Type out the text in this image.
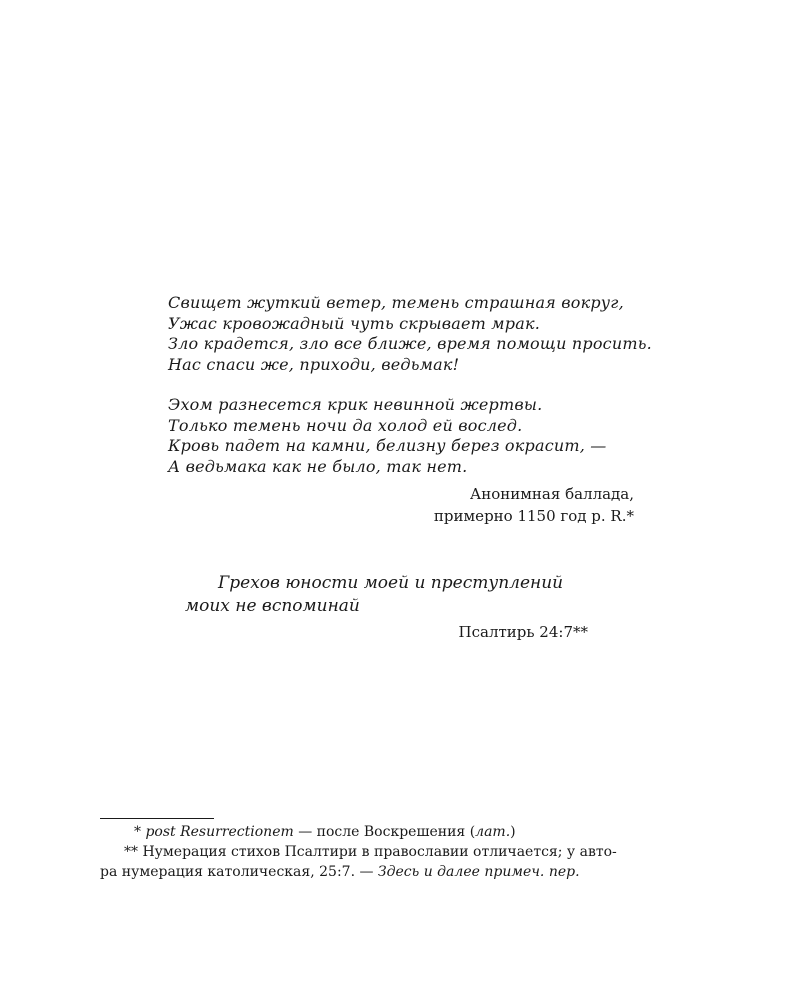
Свищет жуткий ветер, темень страшная вокруг,
Ужас кровожадный чуть скрывает мрак.
Зло крадется, зло все ближе, время помощи просить.
Нас спаси же, приходи, ведьмак!
Эхом разнесется крик невинной жертвы.
Только темень ночи да холод ей вослед.
Кровь падет на камни, белизну берез окрасит, —
А ведьмака как не было, так нет.
Анонимная баллада,
примерно 1150 год p. R.*
Грехов юности моей и преступлений
моих не вспоминай
Псалтирь 24:7**
* post Resurrectionem — после Воскрешения (лат.)
** Нумерация стихов Псалтири в православии отличается; у авто-
ра нумерация католическая, 25:7. — Здесь и далее примеч. пер.
